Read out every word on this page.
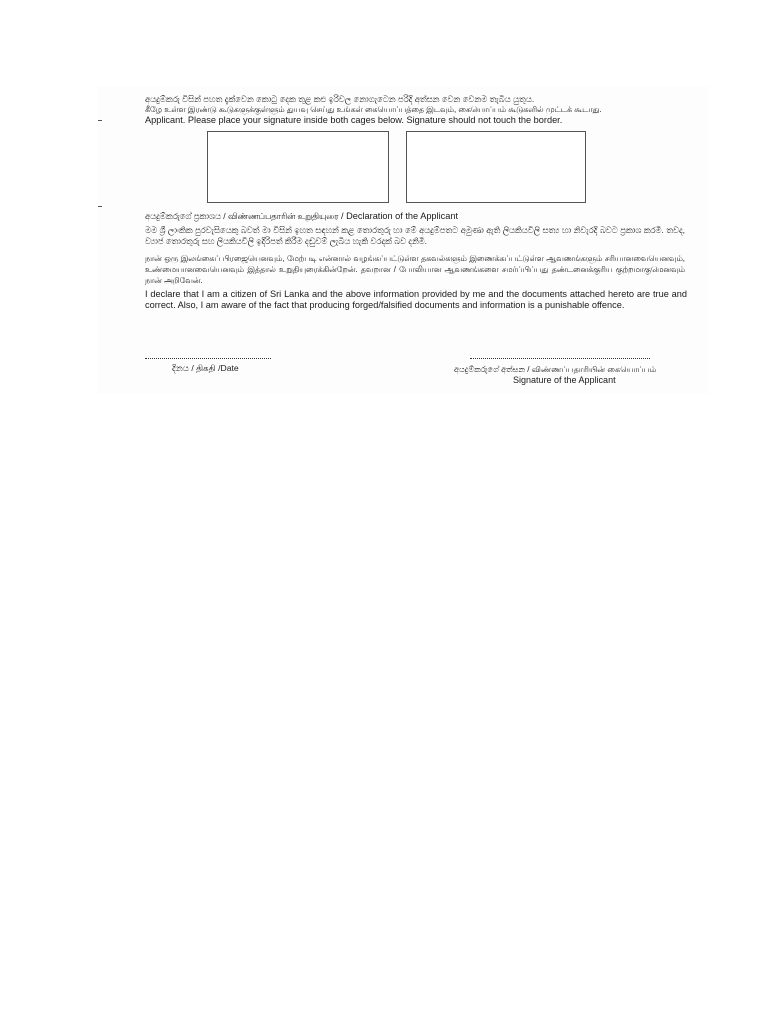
අයදුම්කරු විසින් පහත දැක්වෙන කොටු දෙක තුළ කළු ඉරිවල නොගැටෙන පරිදි අත්සන වෙන වෙනම තැබිය යුතුය.
கீழே உள்ள இரண்டு கூடுகளுக்குள்ளும் துயவு செய்து உங்கள் கையொப்பத்தை இடவும், கையொப்பம் கூடுகளில் முட்டக் கூடாது.
Applicant. Please place your signature inside both cages below. Signature should not touch the border.
අයදුම්කරුගේ ප්‍රකාශය / விண்ணப்பதாரின் உறுதியுரை / Declaration of the Applicant
මම ශ්‍රී ලාංකික පුරවැසියෙකු බවත් මා විසින් ඉහත සඳහන් කළ තොරතුරු හා මේ අයදුම්පතට අමුණා ඇති ලියකියවිලි සත්‍ය හා නිවැරදි බවට ප්‍රකාශ කරමි. තවද, ව්‍යාජ තොරතුරු සහ ලියකියවිලි ඉදිරිපත් කිරීම දඬුවම් ලැබිය හැකි වරදක් බව දනිමි.
நான் ஒரு இலங்கைப் பிரஜையெனவும், மேற்படி என்னால் வழங்கப்பட்டுள்ள தகவல்களும் இணைக்கப்பட்டுள்ள ஆவணங்களும் சரியானவையெனவும், உண்மையானவையெனவும் இத்தால் உறுதியுரைக்கின்றேன். தவறான / போலியான ஆவணங்களை சமர்ப்பிப்பது தண்டனைக்குரிய குற்றமாகுமெனவும் நான் அறிவேன்.
I declare that I am a citizen of Sri Lanka and the above information provided by me and the documents attached hereto are true and correct. Also, I am aware of the fact that producing forged/falsified documents and information is a punishable offence.
දිනය / திகதி /Date	අයදුම්කරුගේ අත්සන / விண்ணப்பதாரியின் கையொப்பம்
Signature of the Applicant
